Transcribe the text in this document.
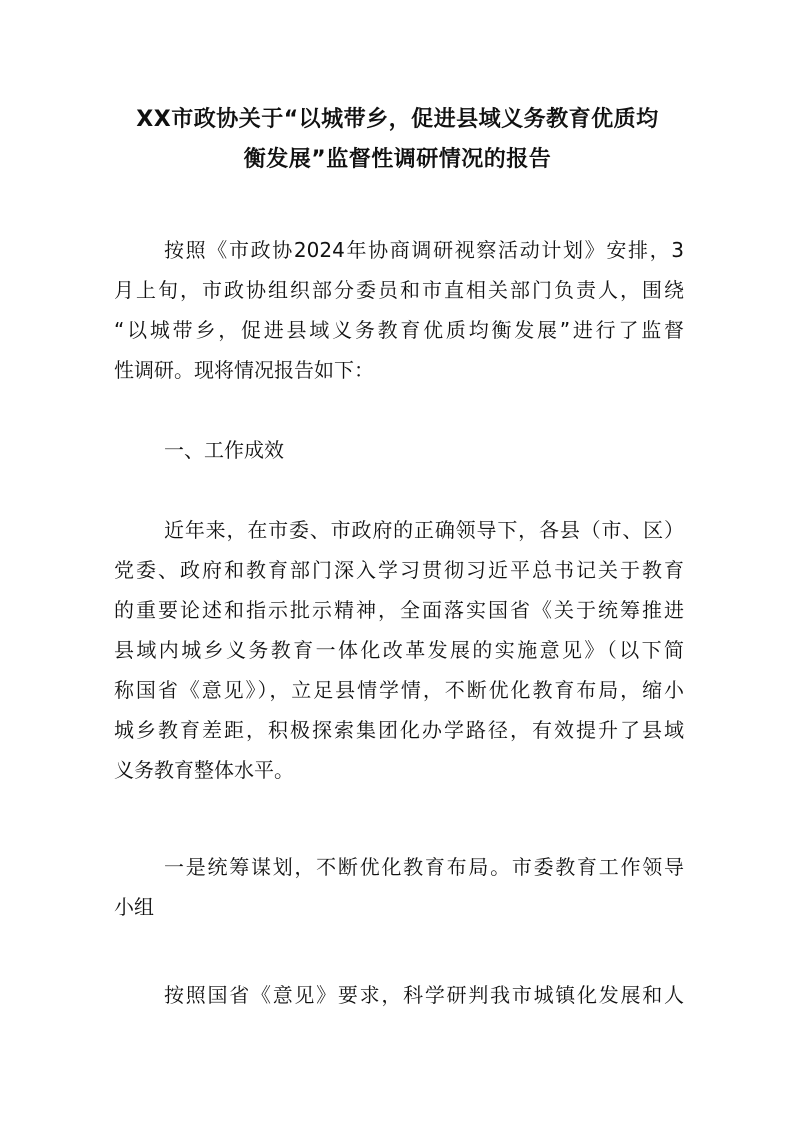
XX市政协关于“以城带乡，促进县域义务教育优质均
衡发展”监督性调研情况的报告
按照《市政协2024年协商调研视察活动计划》安排，3
月上旬，市政协组织部分委员和市直相关部门负责人，围绕
“以城带乡，促进县域义务教育优质均衡发展”进行了监督
性调研。现将情况报告如下：
一、工作成效
近年来，在市委、市政府的正确领导下，各县（市、区）
党委、政府和教育部门深入学习贯彻习近平总书记关于教育
的重要论述和指示批示精神，全面落实国省《关于统筹推进
县域内城乡义务教育一体化改革发展的实施意见》（以下简
称国省《意见》），立足县情学情，不断优化教育布局，缩小
城乡教育差距，积极探索集团化办学路径，有效提升了县域
义务教育整体水平。
一是统筹谋划，不断优化教育布局。市委教育工作领导
小组
按照国省《意见》要求，科学研判我市城镇化发展和人
